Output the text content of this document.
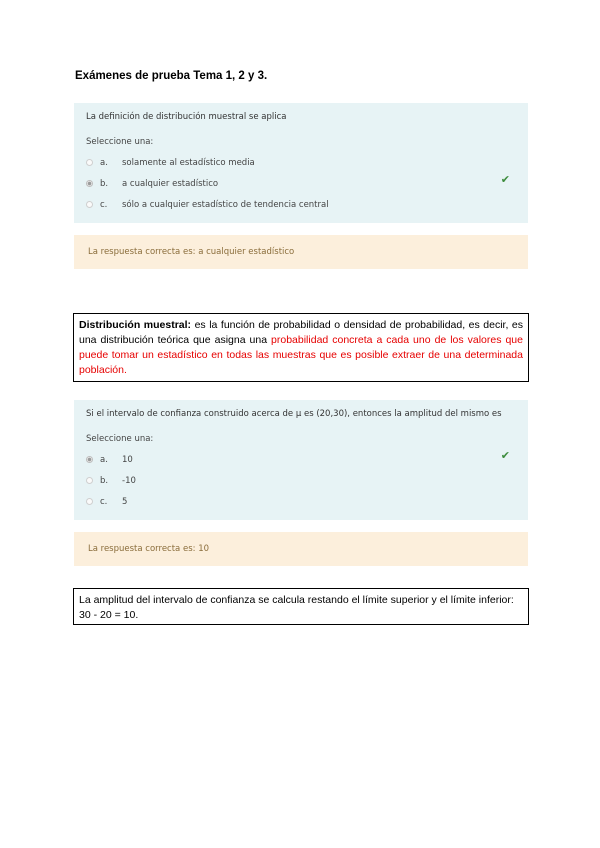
Exámenes de prueba Tema 1, 2 y 3.

La definición de distribución muestral se aplica

Seleccione una:

a.	solamente al estadístico media
b.	a cualquier estadístico
c.	sólo a cualquier estadístico de tendencia central
✔
La respuesta correcta es: a cualquier estadístico
Distribución muestral: es la función de probabilidad o densidad de probabilidad, es decir, es una distribución teórica que asigna una probabilidad concreta a cada uno de los valores que puede tomar un estadístico en todas las muestras que es posible extraer de una determinada población.

Si el intervalo de confianza construido acerca de μ es (20,30), entonces la amplitud del mismo es

Seleccione una:

a.	10
b.	-10
c.	5
✔
La respuesta correcta es: 10
La amplitud del intervalo de confianza se calcula restando el límite superior y el límite inferior: 30 - 20 = 10.
